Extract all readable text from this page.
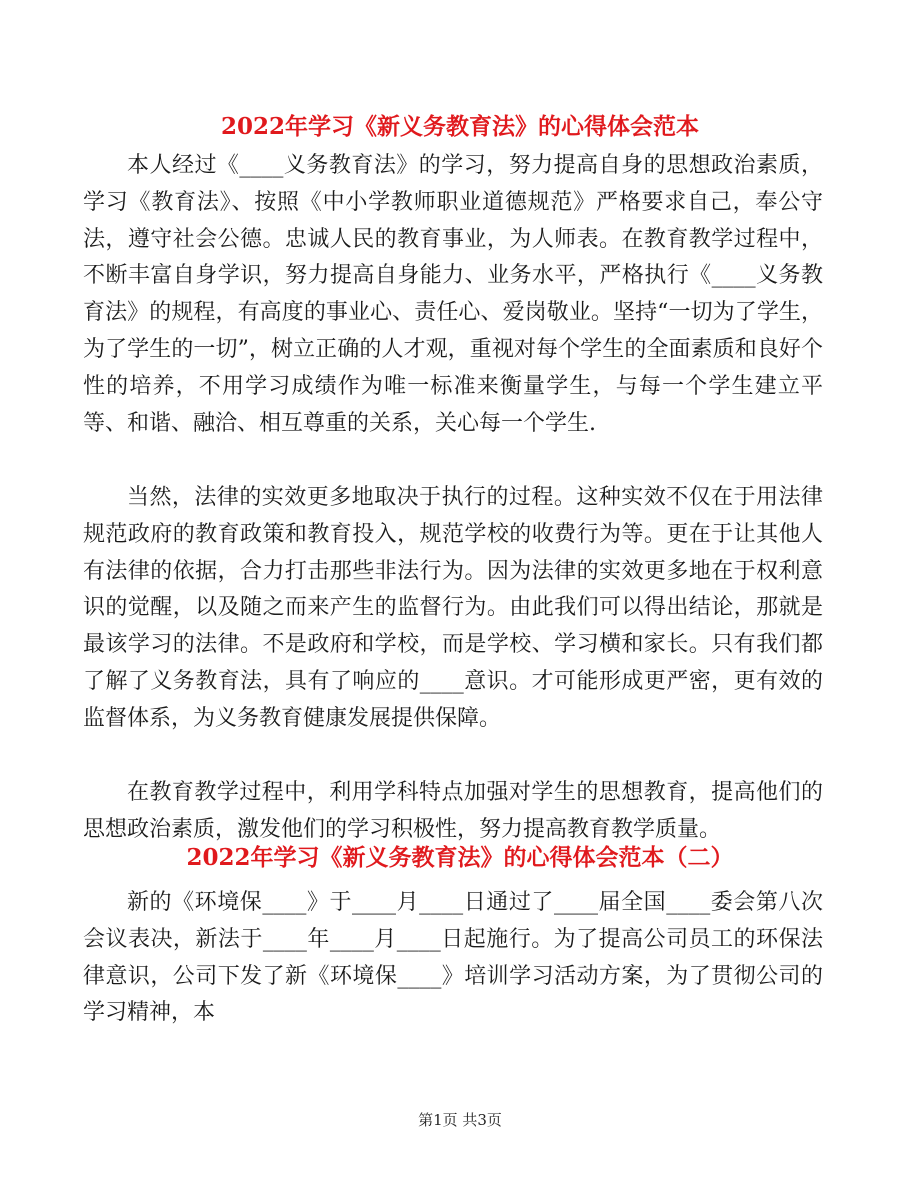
2022年学习《新义务教育法》的心得体会范本

本人经过《____义务教育法》的学习，努力提高自身的思想政治素质，学习《教育法》、按照《中小学教师职业道德规范》严格要求自己，奉公守法，遵守社会公德。忠诚人民的教育事业，为人师表。在教育教学过程中，不断丰富自身学识，努力提高自身能力、业务水平，严格执行《____义务教育法》的规程，有高度的事业心、责任心、爱岗敬业。坚持“一切为了学生，为了学生的一切”，树立正确的人才观，重视对每个学生的全面素质和良好个性的培养，不用学习成绩作为唯一标准来衡量学生，与每一个学生建立平等、和谐、融洽、相互尊重的关系，关心每一个学生.

当然，法律的实效更多地取决于执行的过程。这种实效不仅在于用法律规范政府的教育政策和教育投入，规范学校的收费行为等。更在于让其他人有法律的依据，合力打击那些非法行为。因为法律的实效更多地在于权利意识的觉醒，以及随之而来产生的监督行为。由此我们可以得出结论，那就是最该学习的法律。不是政府和学校，而是学校、学习横和家长。只有我们都了解了义务教育法，具有了响应的____意识。才可能形成更严密，更有效的监督体系，为义务教育健康发展提供保障。

在教育教学过程中，利用学科特点加强对学生的思想教育，提高他们的思想政治素质，激发他们的学习积极性，努力提高教育教学质量。

2022年学习《新义务教育法》的心得体会范本（二）

新的《环境保____》于____月____日通过了____届全国____委会第八次会议表决，新法于____年____月____日起施行。为了提高公司员工的环保法律意识，公司下发了新《环境保____》培训学习活动方案，为了贯彻公司的学习精神，本

第1页 共3页
